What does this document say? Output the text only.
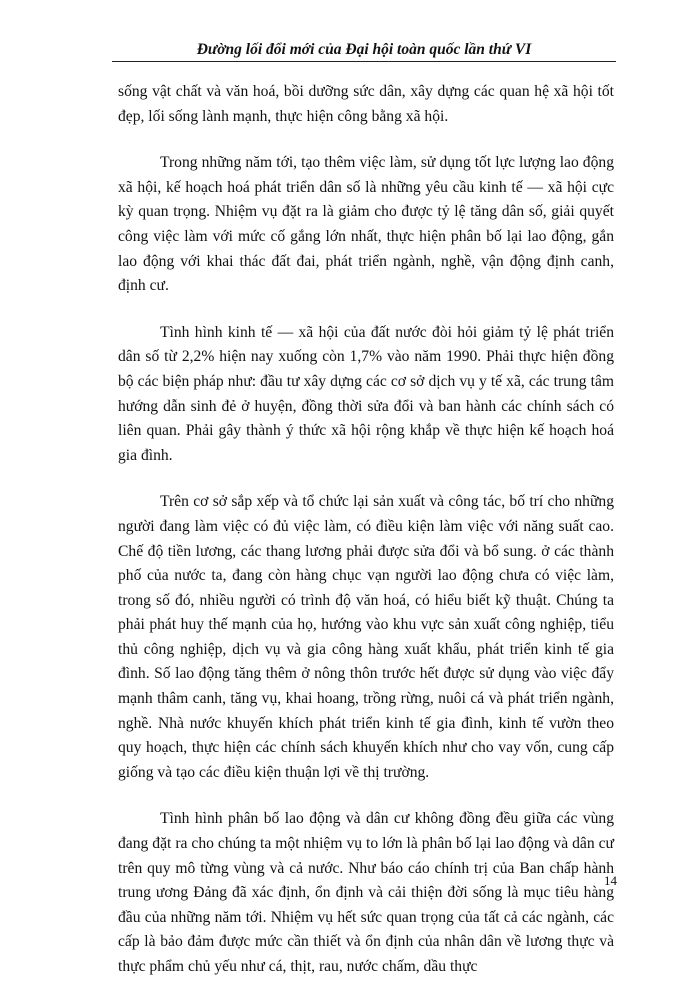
Đường lối đổi mới của Đại hội toàn quốc lần thứ VI

sống vật chất và văn hoá, bồi dưỡng sức dân, xây dựng các quan hệ xã hội tốt đẹp, lối sống lành mạnh, thực hiện công bằng xã hội.

Trong những năm tới, tạo thêm việc làm, sử dụng tốt lực lượng lao động xã hội, kế hoạch hoá phát triển dân số là những yêu cầu kinh tế — xã hội cực kỳ quan trọng. Nhiệm vụ đặt ra là giảm cho được tỷ lệ tăng dân số, giải quyết công việc làm với mức cố gắng lớn nhất, thực hiện phân bố lại lao động, gắn lao động với khai thác đất đai, phát triển ngành, nghề, vận động định canh, định cư.

Tình hình kinh tế — xã hội của đất nước đòi hỏi giảm tỷ lệ phát triển dân số từ 2,2% hiện nay xuống còn 1,7% vào năm 1990. Phải thực hiện đồng bộ các biện pháp như: đầu tư xây dựng các cơ sở dịch vụ y tế xã, các trung tâm hướng dẫn sinh đẻ ở huyện, đồng thời sửa đổi và ban hành các chính sách có liên quan. Phải gây thành ý thức xã hội rộng khắp về thực hiện kế hoạch hoá gia đình.

Trên cơ sở sắp xếp và tổ chức lại sản xuất và công tác, bố trí cho những người đang làm việc có đủ việc làm, có điều kiện làm việc với năng suất cao. Chế độ tiền lương, các thang lương phải được sửa đổi và bổ sung. ở các thành phố của nước ta, đang còn hàng chục vạn người lao động chưa có việc làm, trong số đó, nhiều người có trình độ văn hoá, có hiểu biết kỹ thuật. Chúng ta phải phát huy thế mạnh của họ, hướng vào khu vực sản xuất công nghiệp, tiểu thủ công nghiệp, dịch vụ và gia công hàng xuất khẩu, phát triển kinh tế gia đình. Số lao động tăng thêm ở nông thôn trước hết được sử dụng vào việc đẩy mạnh thâm canh, tăng vụ, khai hoang, trồng rừng, nuôi cá và phát triển ngành, nghề. Nhà nước khuyến khích phát triển kinh tế gia đình, kinh tế vườn theo quy hoạch, thực hiện các chính sách khuyến khích như cho vay vốn, cung cấp giống và tạo các điều kiện thuận lợi về thị trường.

Tình hình phân bố lao động và dân cư không đồng đều giữa các vùng đang đặt ra cho chúng ta một nhiệm vụ to lớn là phân bố lại lao động và dân cư trên quy mô từng vùng và cả nước. Như báo cáo chính trị của Ban chấp hành trung ương Đảng đã xác định, ổn định và cải thiện đời sống là mục tiêu hàng đầu của những năm tới. Nhiệm vụ hết sức quan trọng của tất cả các ngành, các cấp là bảo đảm được mức cần thiết và ổn định của nhân dân về lương thực và thực phẩm chủ yếu như cá, thịt, rau, nước chấm, dầu thực

14
